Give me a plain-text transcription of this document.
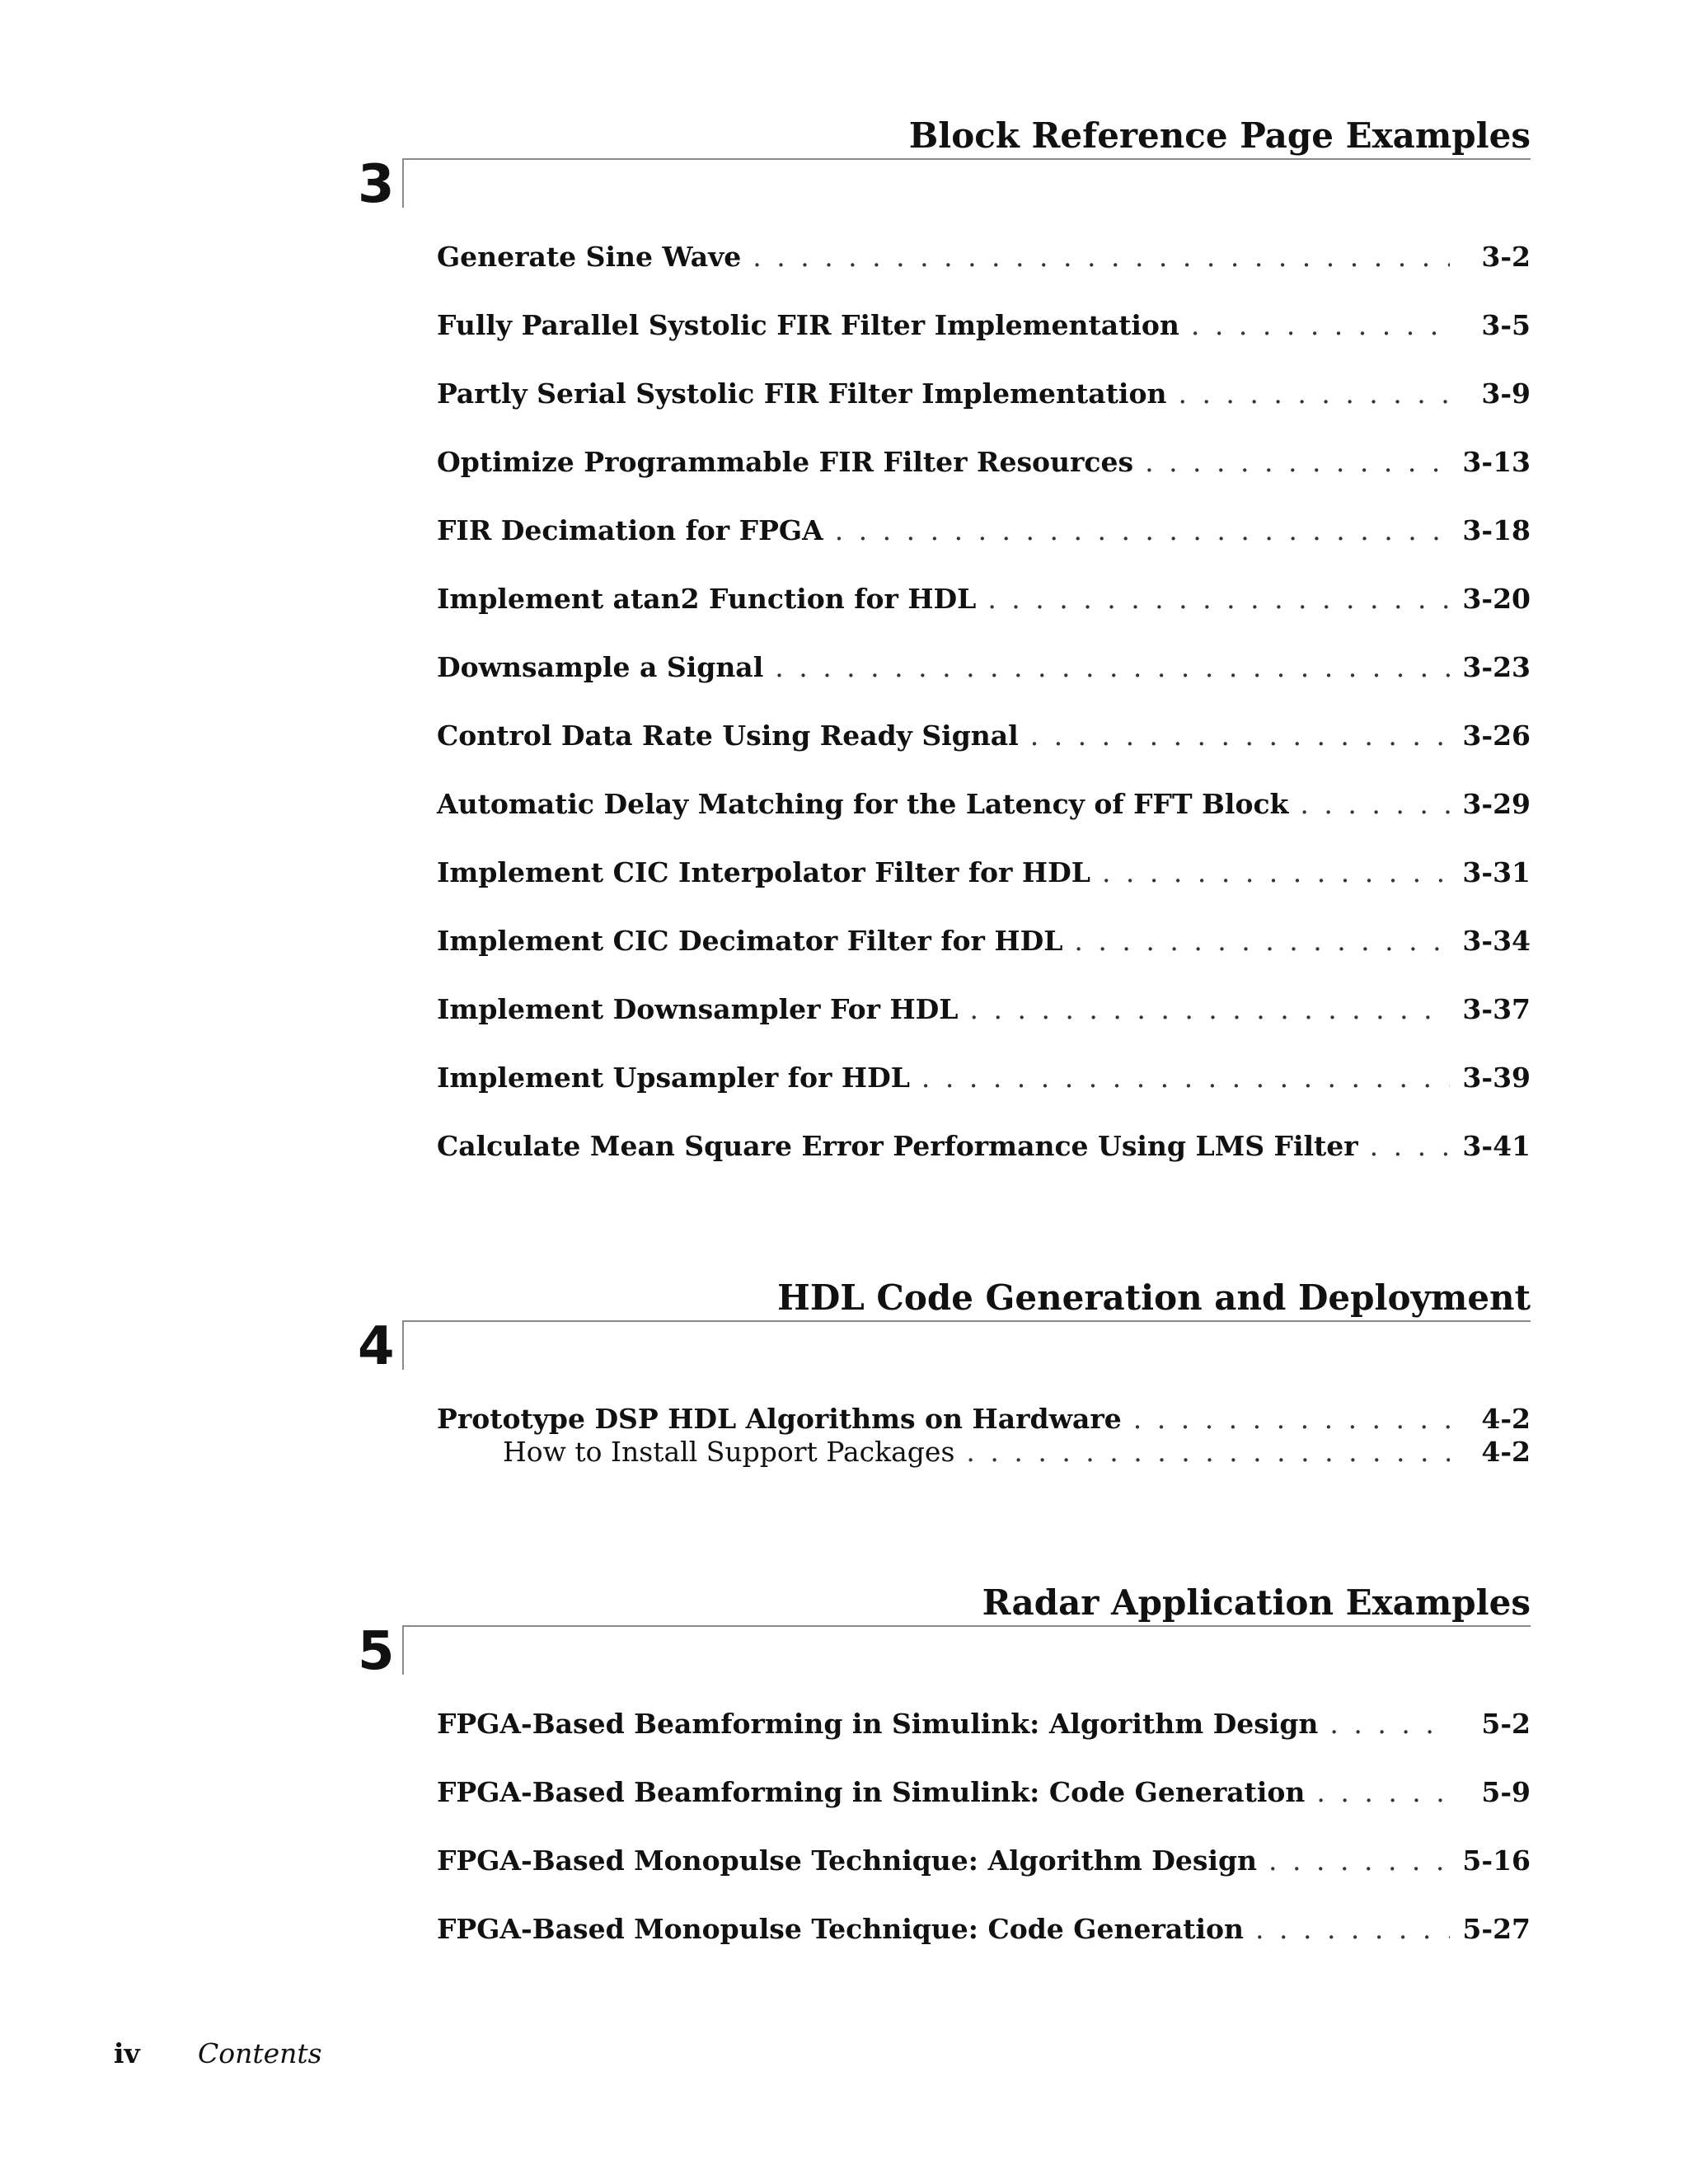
Block Reference Page Examples
3
Generate Sine Wave . . .	3-2
Fully Parallel Systolic FIR Filter Implementation . . .	3-5
Partly Serial Systolic FIR Filter Implementation . . .	3-9
Optimize Programmable FIR Filter Resources . . .	3-13
FIR Decimation for FPGA . . .	3-18
Implement atan2 Function for HDL . . .	3-20
Downsample a Signal . . .	3-23
Control Data Rate Using Ready Signal . . .	3-26
Automatic Delay Matching for the Latency of FFT Block . . .	3-29
Implement CIC Interpolator Filter for HDL . . .	3-31
Implement CIC Decimator Filter for HDL . . .	3-34
Implement Downsampler For HDL . . .	3-37
Implement Upsampler for HDL . . .	3-39
Calculate Mean Square Error Performance Using LMS Filter . . .	3-41
HDL Code Generation and Deployment
4
Prototype DSP HDL Algorithms on Hardware . . .	4-2
How to Install Support Packages . . .	4-2
Radar Application Examples
5
FPGA-Based Beamforming in Simulink: Algorithm Design . . .	5-2
FPGA-Based Beamforming in Simulink: Code Generation . . .	5-9
FPGA-Based Monopulse Technique: Algorithm Design . . .	5-16
FPGA-Based Monopulse Technique: Code Generation . . .	5-27
iv Contents
